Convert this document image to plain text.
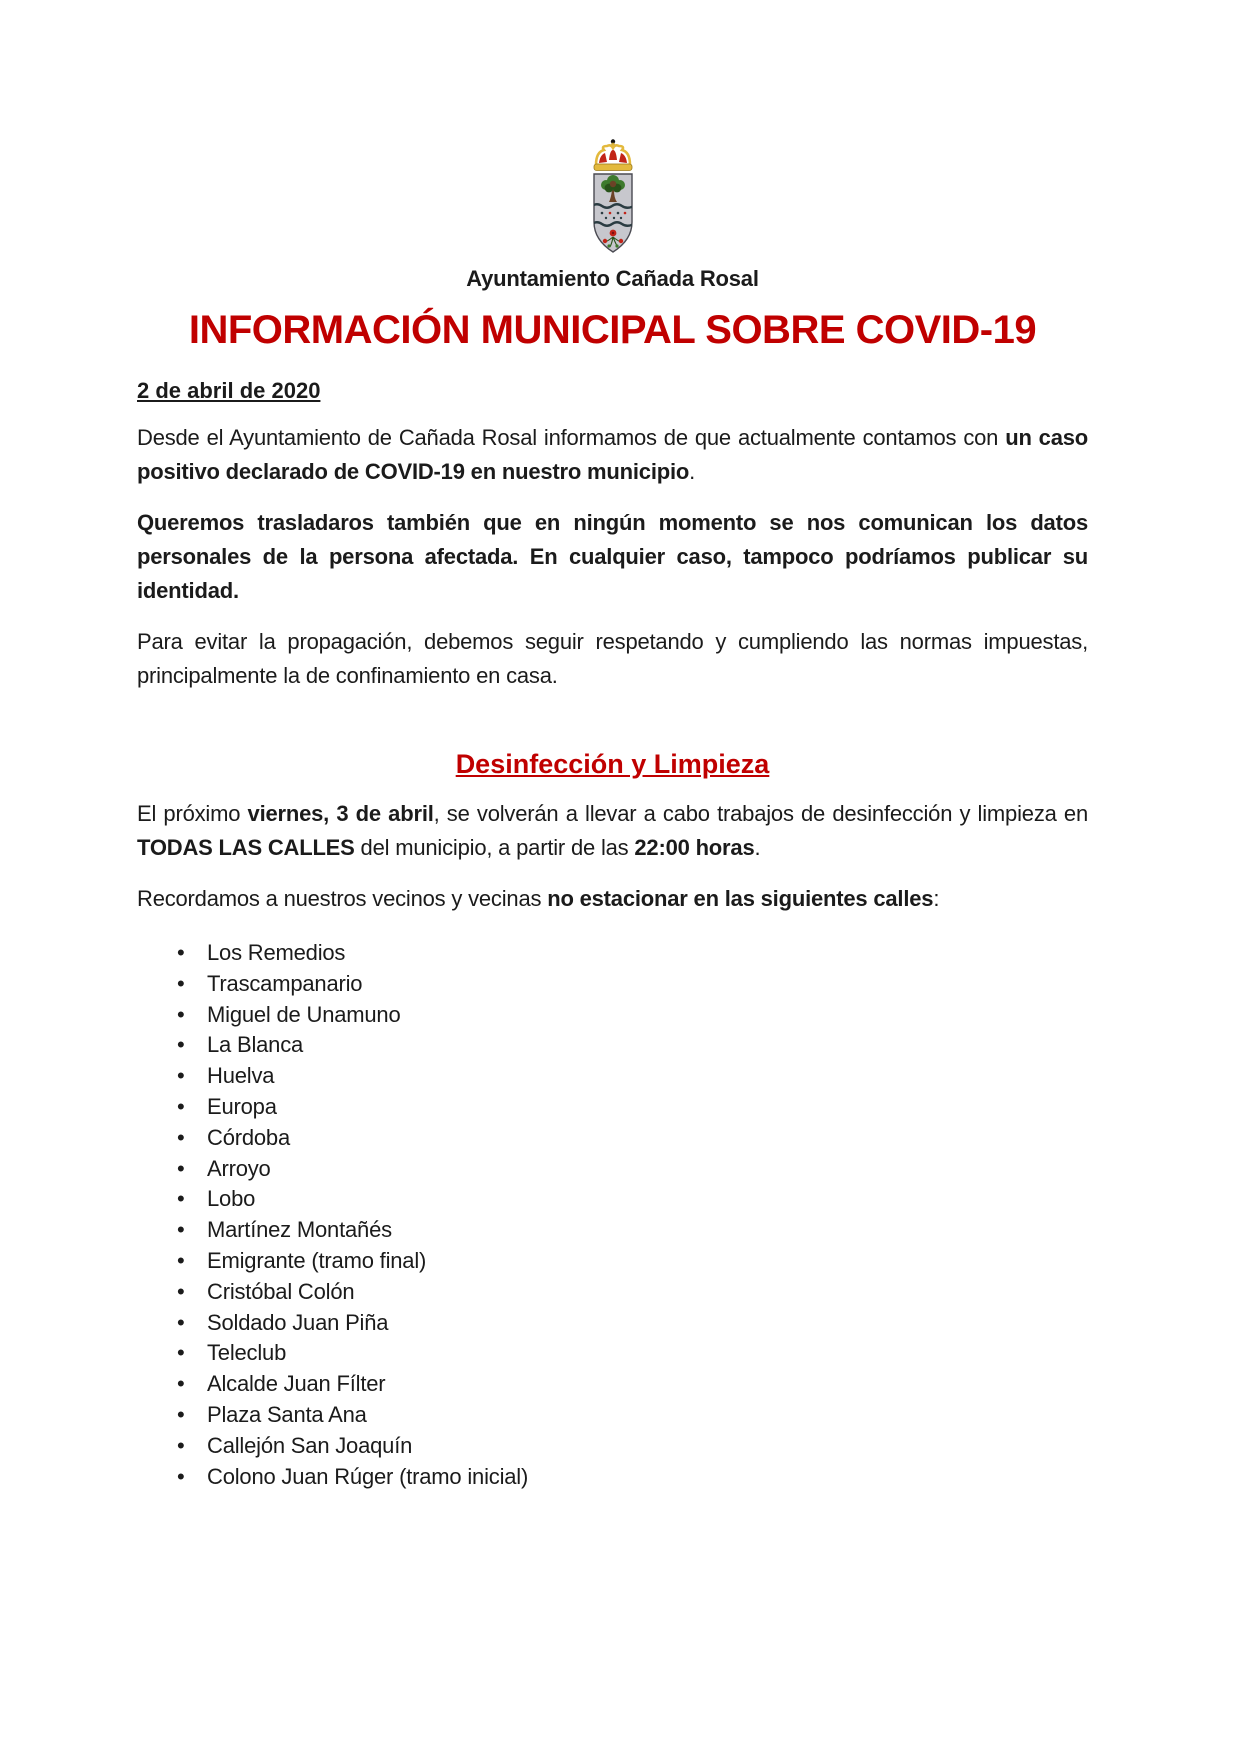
Ayuntamiento Cañada Rosal
INFORMACIÓN MUNICIPAL SOBRE COVID-19

2 de abril de 2020

Desde el Ayuntamiento de Cañada Rosal informamos de que actualmente contamos con un caso positivo declarado de COVID-19 en nuestro municipio.

Queremos trasladaros también que en ningún momento se nos comunican los datos personales de la persona afectada. En cualquier caso, tampoco podríamos publicar su identidad.

Para evitar la propagación, debemos seguir respetando y cumpliendo las normas impuestas, principalmente la de confinamiento en casa.

Desinfección y Limpieza

El próximo viernes, 3 de abril, se volverán a llevar a cabo trabajos de desinfección y limpieza en TODAS LAS CALLES del municipio, a partir de las 22:00 horas.

Recordamos a nuestros vecinos y vecinas no estacionar en las siguientes calles:

•	Los Remedios
•	Trascampanario
•	Miguel de Unamuno
•	La Blanca
•	Huelva
•	Europa
•	Córdoba
•	Arroyo
•	Lobo
•	Martínez Montañés
•	Emigrante (tramo final)
•	Cristóbal Colón
•	Soldado Juan Piña
•	Teleclub
•	Alcalde Juan Fílter
•	Plaza Santa Ana
•	Callejón San Joaquín
•	Colono Juan Rúger (tramo inicial)
